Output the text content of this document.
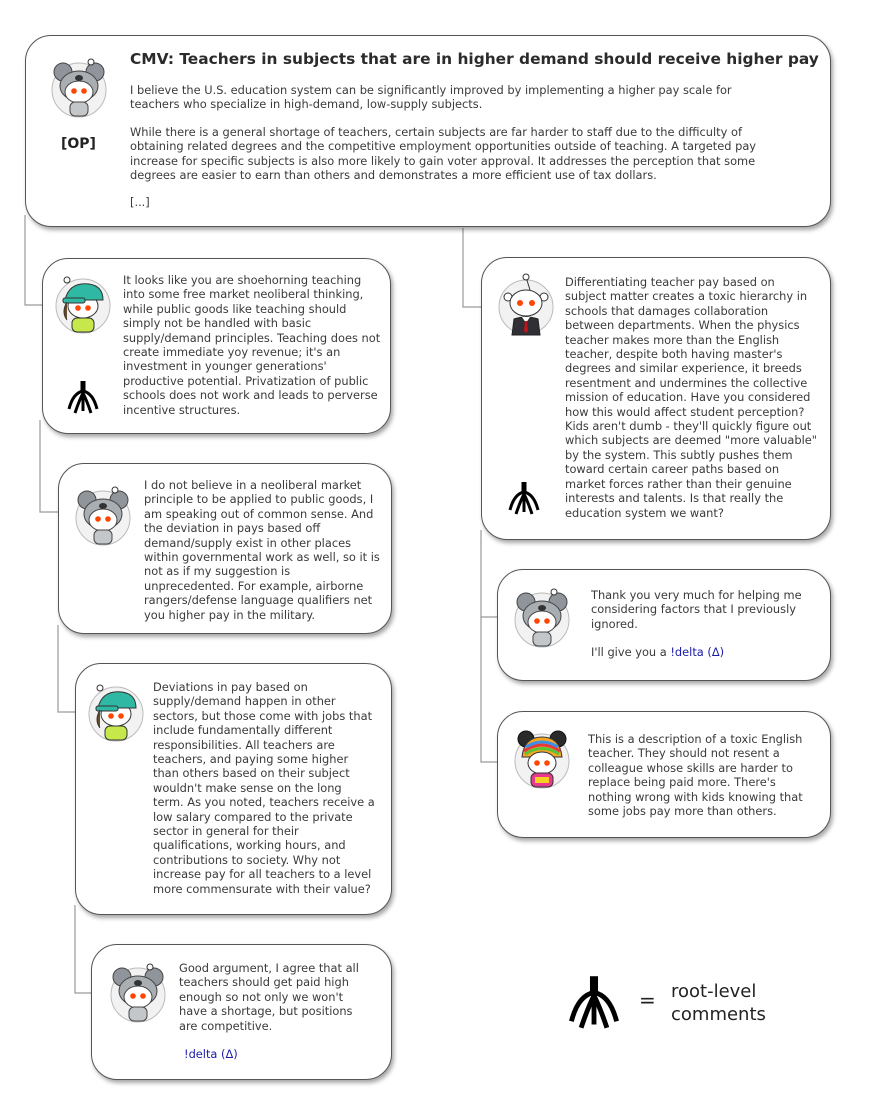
CMV: Teachers in subjects that are in higher demand should receive higher pay
[OP]

I believe the U.S. education system can be significantly improved by implementing a higher pay scale for teachers who specialize in high-demand, low-supply subjects.

While there is a general shortage of teachers, certain subjects are far harder to staff due to the difficulty of obtaining related degrees and the competitive employment opportunities outside of teaching. A targeted pay increase for specific subjects is also more likely to gain voter approval. It addresses the perception that some degrees are easier to earn than others and demonstrates a more efficient use of tax dollars.

[...]

It looks like you are shoehorning teaching into some free market neoliberal thinking, while public goods like teaching should simply not be handled with basic supply/demand principles. Teaching does not create immediate yoy revenue; it's an investment in younger generations' productive potential. Privatization of public schools does not work and leads to perverse incentive structures.
I do not believe in a neoliberal market principle to be applied to public goods, I am speaking out of common sense. And the deviation in pays based off demand/supply exist in other places within governmental work as well, so it is not as if my suggestion is unprecedented. For example, airborne rangers/defense language qualifiers net you higher pay in the military.
Deviations in pay based on supply/demand happen in other sectors, but those come with jobs that include fundamentally different responsibilities. All teachers are teachers, and paying some higher than others based on their subject wouldn't make sense on the long term. As you noted, teachers receive a low salary compared to the private sector in general for their qualifications, working hours, and contributions to society. Why not increase pay for all teachers to a level more commensurate with their value?
Good argument, I agree that all teachers should get paid high enough so not only we won't have a shortage, but positions are competitive.
!delta (Δ)
Differentiating teacher pay based on subject matter creates a toxic hierarchy in schools that damages collaboration between departments. When the physics teacher makes more than the English teacher, despite both having master's degrees and similar experience, it breeds resentment and undermines the collective mission of education. Have you considered how this would affect student perception? Kids aren't dumb - they'll quickly figure out which subjects are deemed "more valuable" by the system. This subtly pushes them toward certain career paths based on market forces rather than their genuine interests and talents. Is that really the education system we want?
Thank you very much for helping me considering factors that I previously ignored.
I'll give you a !delta (Δ)
This is a description of a toxic English teacher. They should not resent a colleague whose skills are harder to replace being paid more. There's nothing wrong with kids knowing that some jobs pay more than others.
= root-level
comments
